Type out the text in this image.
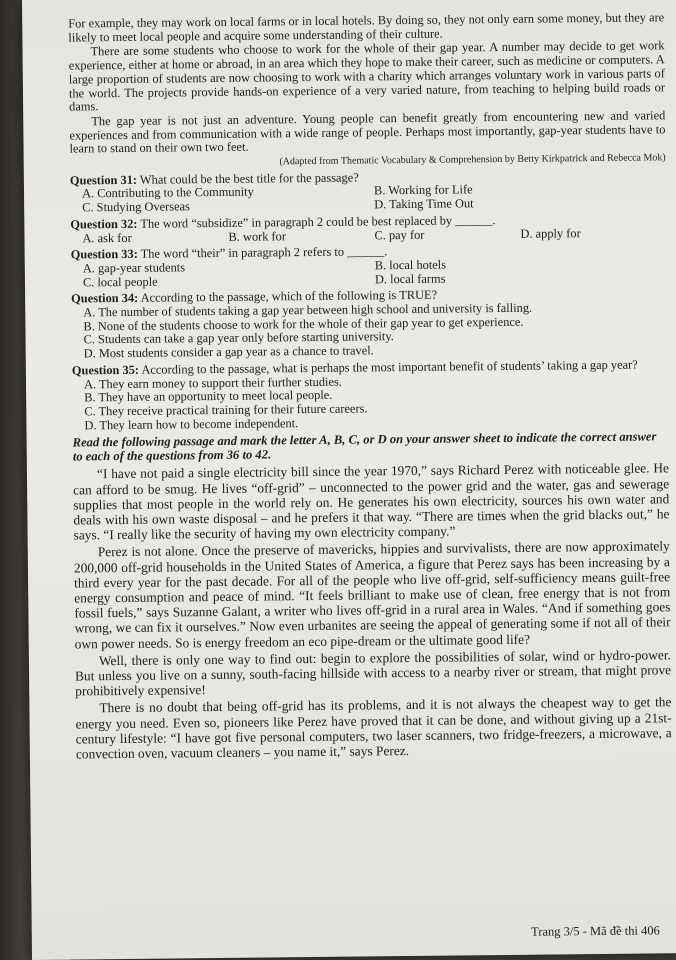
For example, they may work on local farms or in local hotels. By doing so, they not only earn some money, but they are likely to meet local people and acquire some understanding of their culture.

There are some students who choose to work for the whole of their gap year. A number may decide to get work experience, either at home or abroad, in an area which they hope to make their career, such as medicine or computers. A large proportion of students are now choosing to work with a charity which arranges voluntary work in various parts of the world. The projects provide hands-on experience of a very varied nature, from teaching to helping build roads or dams.

The gap year is not just an adventure. Young people can benefit greatly from encountering new and varied experiences and from communication with a wide range of people. Perhaps most importantly, gap-year students have to learn to stand on their own two feet.

(Adapted from Thematic Vocabulary & Comprehension by Betty Kirkpatrick and Rebecca Mok)

Question 31: What could be the best title for the passage?
A. Contributing to the Community	B. Working for Life
C. Studying Overseas	D. Taking Time Out
Question 32: The word “subsidize” in paragraph 2 could be best replaced by ______.
A. ask for	B. work for	C. pay for	D. apply for
Question 33: The word “their” in paragraph 2 refers to ______.
A. gap-year students	B. local hotels
C. local people	D. local farms
Question 34: According to the passage, which of the following is TRUE?
A. The number of students taking a gap year between high school and university is falling.
B. None of the students choose to work for the whole of their gap year to get experience.
C. Students can take a gap year only before starting university.
D. Most students consider a gap year as a chance to travel.
Question 35: According to the passage, what is perhaps the most important benefit of students’ taking a gap year?
A. They earn money to support their further studies.
B. They have an opportunity to meet local people.
C. They receive practical training for their future careers.
D. They learn how to become independent.

Read the following passage and mark the letter A, B, C, or D on your answer sheet to indicate the correct answer to each of the questions from 36 to 42.

“I have not paid a single electricity bill since the year 1970,” says Richard Perez with noticeable glee. He can afford to be smug. He lives “off-grid” – unconnected to the power grid and the water, gas and sewerage supplies that most people in the world rely on. He generates his own electricity, sources his own water and deals with his own waste disposal – and he prefers it that way. “There are times when the grid blacks out,” he says. “I really like the security of having my own electricity company.”

Perez is not alone. Once the preserve of mavericks, hippies and survivalists, there are now approximately 200,000 off-grid households in the United States of America, a figure that Perez says has been increasing by a third every year for the past decade. For all of the people who live off-grid, self-sufficiency means guilt-free energy consumption and peace of mind. “It feels brilliant to make use of clean, free energy that is not from fossil fuels,” says Suzanne Galant, a writer who lives off-grid in a rural area in Wales. “And if something goes wrong, we can fix it ourselves.” Now even urbanites are seeing the appeal of generating some if not all of their own power needs. So is energy freedom an eco pipe-dream or the ultimate good life?

Well, there is only one way to find out: begin to explore the possibilities of solar, wind or hydro-power. But unless you live on a sunny, south-facing hillside with access to a nearby river or stream, that might prove prohibitively expensive!

There is no doubt that being off-grid has its problems, and it is not always the cheapest way to get the energy you need. Even so, pioneers like Perez have proved that it can be done, and without giving up a 21st-century lifestyle: “I have got five personal computers, two laser scanners, two fridge-freezers, a microwave, a convection oven, vacuum cleaners – you name it,” says Perez.

Trang 3/5 - Mã đề thi 406
